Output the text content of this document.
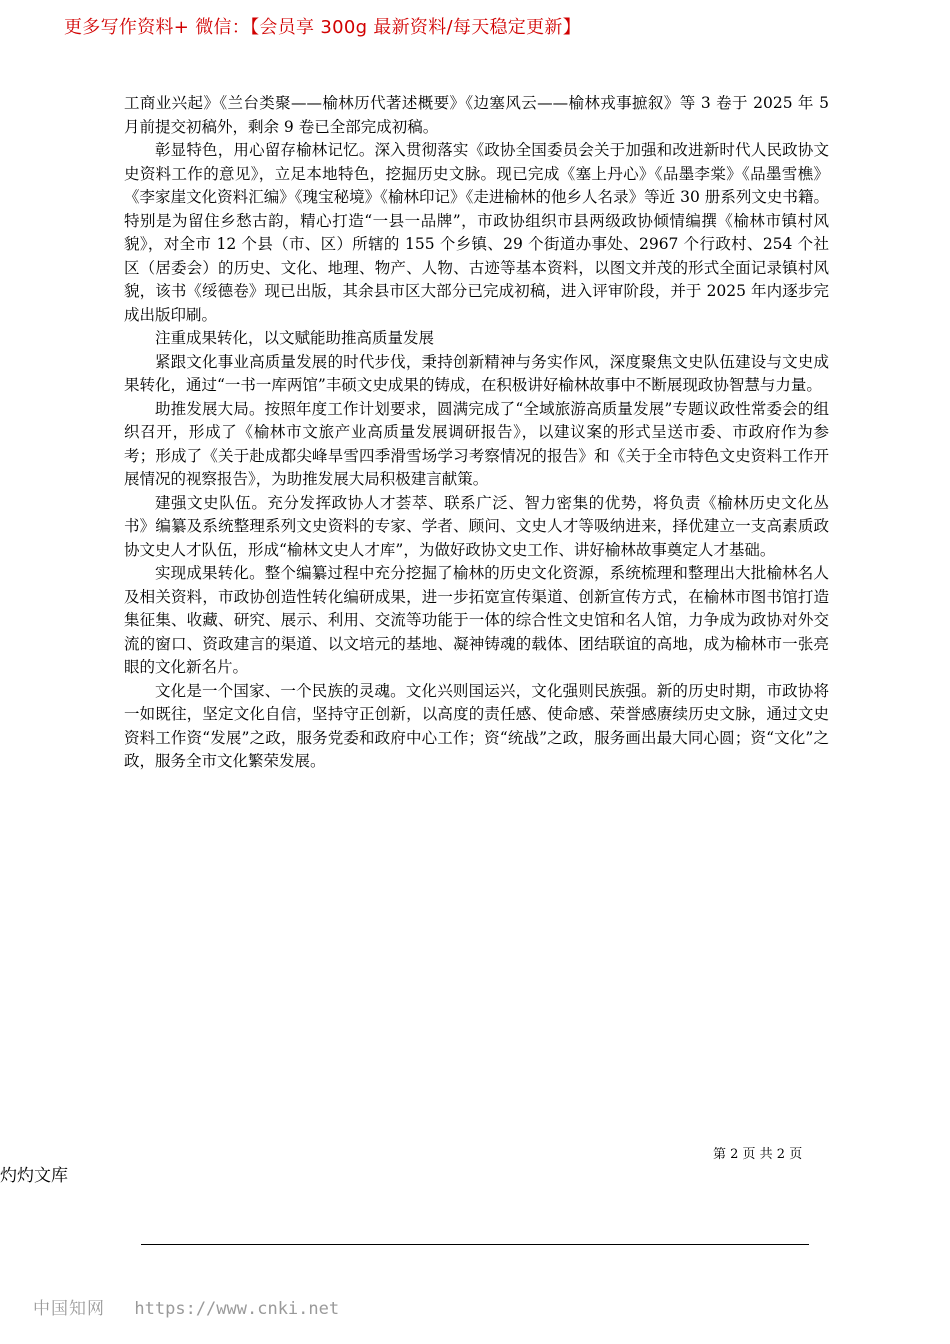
更多写作资料+ 微信：【会员享 300g 最新资料/每天稳定更新】

工商业兴起》《兰台类聚——榆林历代著述概要》《边塞风云——榆林戎事摭叙》等 3 卷于 2025 年 5 月前提交初稿外，剩余 9 卷已全部完成初稿。

彰显特色，用心留存榆林记忆。深入贯彻落实《政协全国委员会关于加强和改进新时代人民政协文史资料工作的意见》，立足本地特色，挖掘历史文脉。现已完成《塞上丹心》《品墨李棠》《品墨雪樵》《李家崖文化资料汇编》《瑰宝秘境》《榆林印记》《走进榆林的他乡人名录》等近 30 册系列文史书籍。特别是为留住乡愁古韵，精心打造“一县一品牌”，市政协组织市县两级政协倾情编撰《榆林市镇村风貌》，对全市 12 个县（市、区）所辖的 155 个乡镇、29 个街道办事处、2967 个行政村、254 个社区（居委会）的历史、文化、地理、物产、人物、古迹等基本资料，以图文并茂的形式全面记录镇村风貌，该书《绥德卷》现已出版，其余县市区大部分已完成初稿，进入评审阶段，并于 2025 年内逐步完成出版印刷。

注重成果转化，以文赋能助推高质量发展

紧跟文化事业高质量发展的时代步伐，秉持创新精神与务实作风，深度聚焦文史队伍建设与文史成果转化，通过“一书一库两馆”丰硕文史成果的铸成，在积极讲好榆林故事中不断展现政协智慧与力量。

助推发展大局。按照年度工作计划要求，圆满完成了“全域旅游高质量发展”专题议政性常委会的组织召开，形成了《榆林市文旅产业高质量发展调研报告》，以建议案的形式呈送市委、市政府作为参考；形成了《关于赴成都尖峰旱雪四季滑雪场学习考察情况的报告》和《关于全市特色文史资料工作开展情况的视察报告》，为助推发展大局积极建言献策。

建强文史队伍。充分发挥政协人才荟萃、联系广泛、智力密集的优势，将负责《榆林历史文化丛书》编纂及系统整理系列文史资料的专家、学者、顾问、文史人才等吸纳进来，择优建立一支高素质政协文史人才队伍，形成“榆林文史人才库”，为做好政协文史工作、讲好榆林故事奠定人才基础。

实现成果转化。整个编纂过程中充分挖掘了榆林的历史文化资源，系统梳理和整理出大批榆林名人及相关资料，市政协创造性转化编研成果，进一步拓宽宣传渠道、创新宣传方式，在榆林市图书馆打造集征集、收藏、研究、展示、利用、交流等功能于一体的综合性文史馆和名人馆，力争成为政协对外交流的窗口、资政建言的渠道、以文培元的基地、凝神铸魂的载体、团结联谊的高地，成为榆林市一张亮眼的文化新名片。

文化是一个国家、一个民族的灵魂。文化兴则国运兴，文化强则民族强。新的历史时期，市政协将一如既往，坚定文化自信，坚持守正创新，以高度的责任感、使命感、荣誉感赓续历史文脉，通过文史资料工作资“发展”之政，服务党委和政府中心工作；资“统战”之政，服务画出最大同心圆；资“文化”之政，服务全市文化繁荣发展。

第 2 页 共 2 页
灼灼文库
中国知网 https://www.cnki.net
